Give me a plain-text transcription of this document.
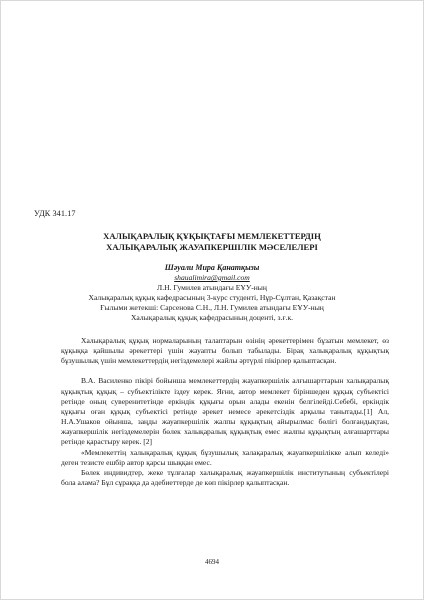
УДК 341.17
ХАЛЫҚАРАЛЫҚ ҚҰҚЫҚТАҒЫ МЕМЛЕКЕТТЕРДІҢ
ХАЛЫҚАРАЛЫҚ ЖАУАПКЕРШІЛІК МӘСЕЛЕЛЕРІ
Шәуали Мира Қанатқызы
shaualimira@gmail.com
Л.Н. Гумилев атындағы ЕҰУ-ның
Халықаралық құқық кафедрасының 3-курс студенті, Нұр-Сұлтан, Қазақстан
Ғылыми жетекші: Сарсенова С.Н., Л.Н. Гумилев атындағы ЕҰУ-ның
Халықаралық құқық кафедрасының доценті, з.ғ.к.

Халықаралық құқық нормаларының талаптарын өзінің әрекеттерімен бұзатын мемлекет, өз құқыққа қайшылы әрекеттері үшін жауапты болып табылады. Бірақ халықаралық құқықтық бұзушылық үшін мемлекеттердің негіздемелері жайлы әртүрлі пікірлер қалыптасқан.

В.А. Василенко пікірі бойынша мемлекеттердің жауапкершілік алғышарттарын халықаралық құқықтық құқық – субъектілікте іздеу керек. Яғни, автор мемлекет біріншеден құқық субъектісі ретінде оның суверенитетінде еркіндік құқығы орын алады екенін белгілейді.Себебі, еркіндік құқығы оған құқық субъектісі ретінде әрекет немесе әрекетсіздік арқылы танытады.[1] Ал, Н.А.Ушаков ойынша, заңды жауапкершілік жалпы құқықтың айырылмас бөлігі болғандықтан, жауапкершілік негіздемелерін бөлек халықаралық құқықтық емес жалпы құқықтың алғашарттары ретінде қарастыру керек. [2]

«Мемлекеттің халықаралық құқық бұзушылық халақаралық жауапкершілікке алып келеді» деген тезисте ешбір автор қарсы шыққан емес.

Бөлек индивидтер, жеке тұлғалар халықаралық жауапкершілік институтының субъектілері бола алама? Бұл сұраққа да әдебиеттерде де көп пікірлер қалыптасқан.

4694
